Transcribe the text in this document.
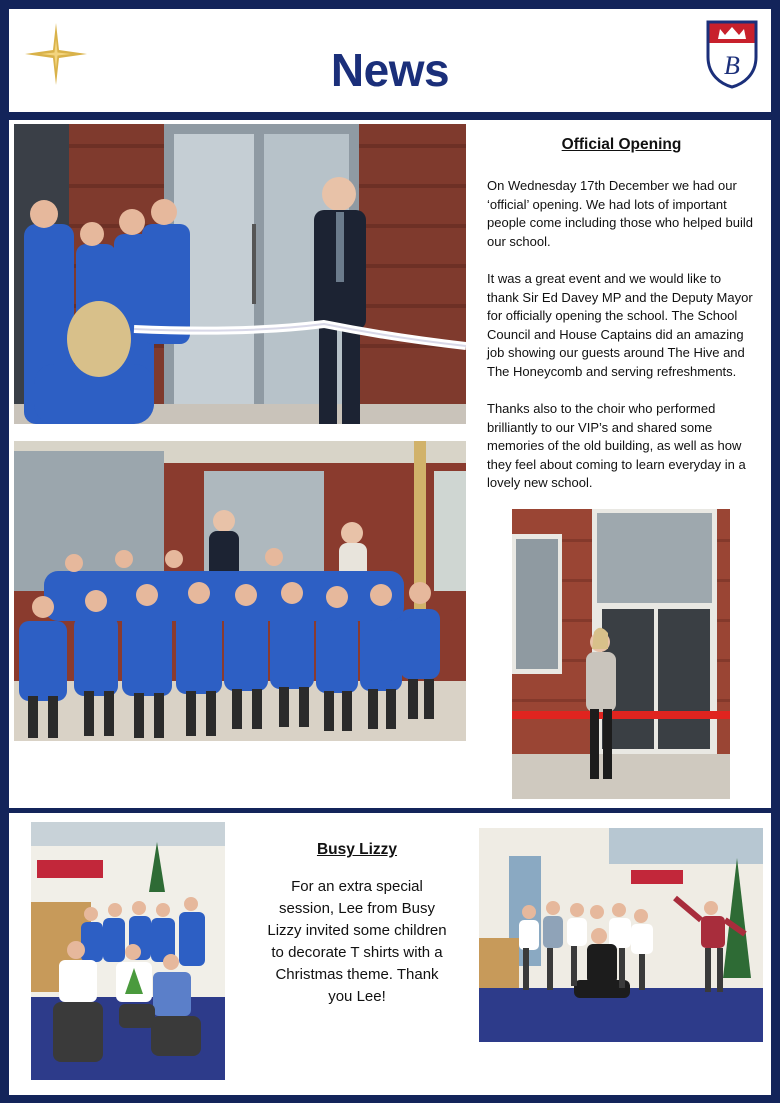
News	B
Official Opening

On Wednesday 17th December we had our ‘official’ opening. We had lots of important people come including those who helped build our school.

It was a great event and we would like to thank Sir Ed Davey MP and the Deputy Mayor for officially opening the school. The School Council and House Captains did an amazing job showing our guests around The Hive and The Honeycomb and serving refreshments.

Thanks also to the choir who performed brilliantly to our VIP’s and shared some memories of the old building, as well as how they feel about coming to learn everyday in a lovely new school.

Busy Lizzy
For an extra special session, Lee from Busy Lizzy invited some children to decorate T shirts with a Christmas theme. Thank you Lee!
